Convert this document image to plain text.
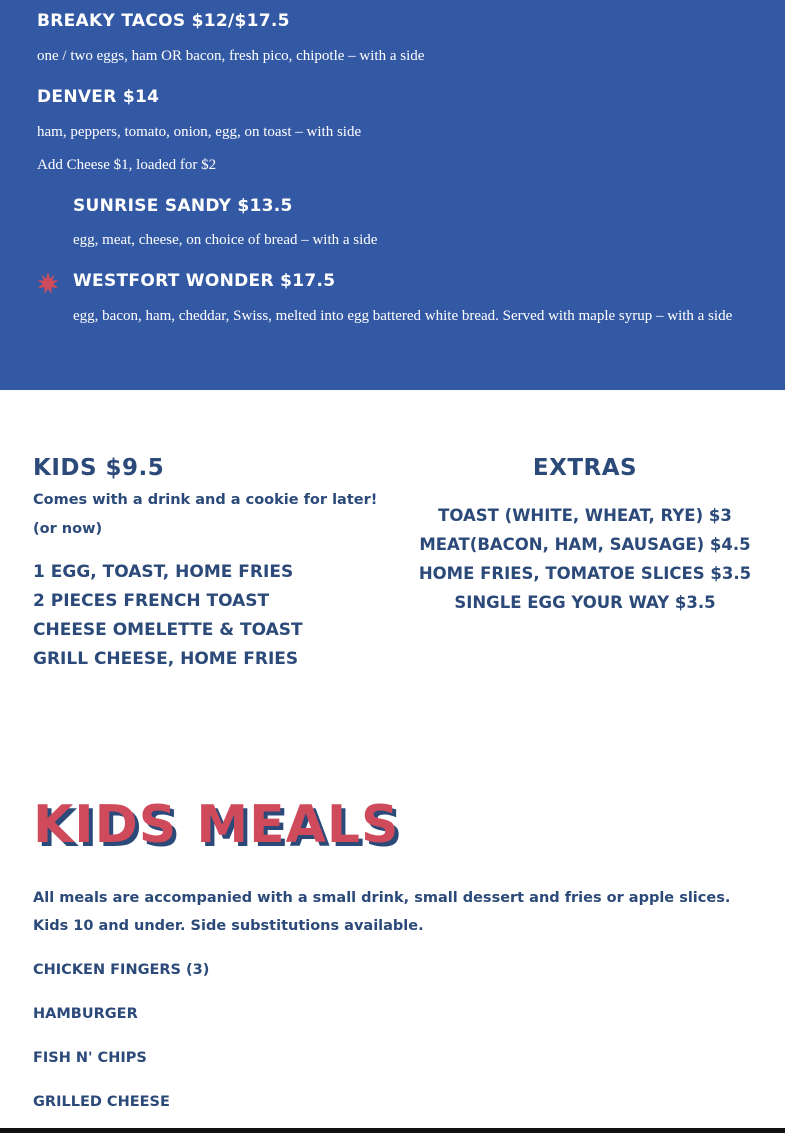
BREAKY TACOS $12/$17.5
one / two eggs, ham OR bacon, fresh pico, chipotle – with a side
DENVER $14
ham, peppers, tomato, onion, egg, on toast – with side
Add Cheese $1, loaded for $2
SUNRISE SANDY $13.5
egg, meat, cheese, on choice of bread – with a side
WESTFORT WONDER $17.5
egg, bacon, ham, cheddar, Swiss, melted into egg battered white bread. Served with maple syrup – with a side
KIDS $9.5
Comes with a drink and a cookie for later!
(or now)
1 EGG, TOAST, HOME FRIES
2 PIECES FRENCH TOAST
CHEESE OMELETTE & TOAST
GRILL CHEESE, HOME FRIES
EXTRAS
TOAST (WHITE, WHEAT, RYE) $3
MEAT(BACON, HAM, SAUSAGE) $4.5
HOME FRIES, TOMATOE SLICES $3.5
SINGLE EGG YOUR WAY $3.5
KIDS MEALS
All meals are accompanied with a small drink, small dessert and fries or apple slices.
Kids 10 and under. Side substitutions available.
CHICKEN FINGERS (3)
HAMBURGER
FISH N' CHIPS
GRILLED CHEESE
